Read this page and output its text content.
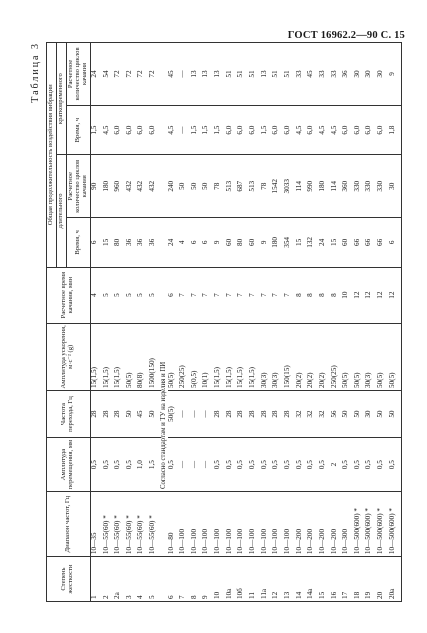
ГОСТ 16962.2—90 С. 15
Таблица 3
Степень жесткости	Диапазон частот, Гц	Амплитуда перемещения, мм	Частота перехода, Гц	Амплитуда ускорения, м·с⁻² (g)	Расчетное время качания, мин	Общая продолжительность воздействия вибрации			
						длительного		кратковременного	
						Время, ч	Расчетное количество циклов качания	Время, ч	Расчетное количество циклов качания
1	10—35	0,5	28	15(1,5)	4	6	90	1,5	24
2	10—55(60) *	0,5	28	15(1,5)	5	15	180	4,5	54
2а	10—55(60) *	0,5	28	15(1,5)	5	80	960	6,0	72
3	10—55(60) *	0,5	50	50(5)	5	36	432	6,0	72
4	10—55(60) *	1,0	45	80(8)	5	36	432	6,0	72
5	10—55(60) *	1,5	50	1500(150)	5	36	432	6,0	72
		Согласно стандартам и ТУ на изделия и ПИ							
6	10—80	0,5	50(5)	50(5)	6	24	240	4,5	45
7	10—100	—	—	250(25)	7	4	50	—	—
8	10—100	—	—	5(0,5)	7	6	50	1,5	13
9	10—100	—	—	10(1)	7	6	50	1,5	13
10	10—100	0,5	28	15(1,5)	7	9	78	1,5	13
10а	10—100	0,5	28	15(1,5)	7	60	513	6,0	51
10б	10—100	0,5	28	15(1,5)	7	80	687	6,0	51
11	10—100	0,5	28	15(1,5)	7	60	513	6,0	51
11а	10—100	0,5	28	30(3)	7	9	78	1,5	13
12	10—100	0,5	28	30(3)	7	180	1542	6,0	51
13	10—100	0,5	28	150(15)	7	354	3033	6,0	51
14	10—200	0,5	32	20(2)	8	15	114	4,5	33
14а	10—200	0,5	32	20(2)	8	132	990	6,0	45
15	10—200	0,5	32	20(2)	8	24	180	4,5	33
16	10—200	2	56	250(25)	8	15	114	4,5	33
17	10—300	0,5	50	50(5)	10	60	360	6,0	36
18	10—500(600) *	0,5	50	50(5)	12	66	330	6,0	30
19	10—500(600) *	0,5	30	30(3)	12	66	330	6,0	30
20	10—500(600) *	0,5	50	50(5)	12	66	330	6,0	30
20а	10—500(600) *	0,5	50	50(5)	12	6	30	1,8	9
